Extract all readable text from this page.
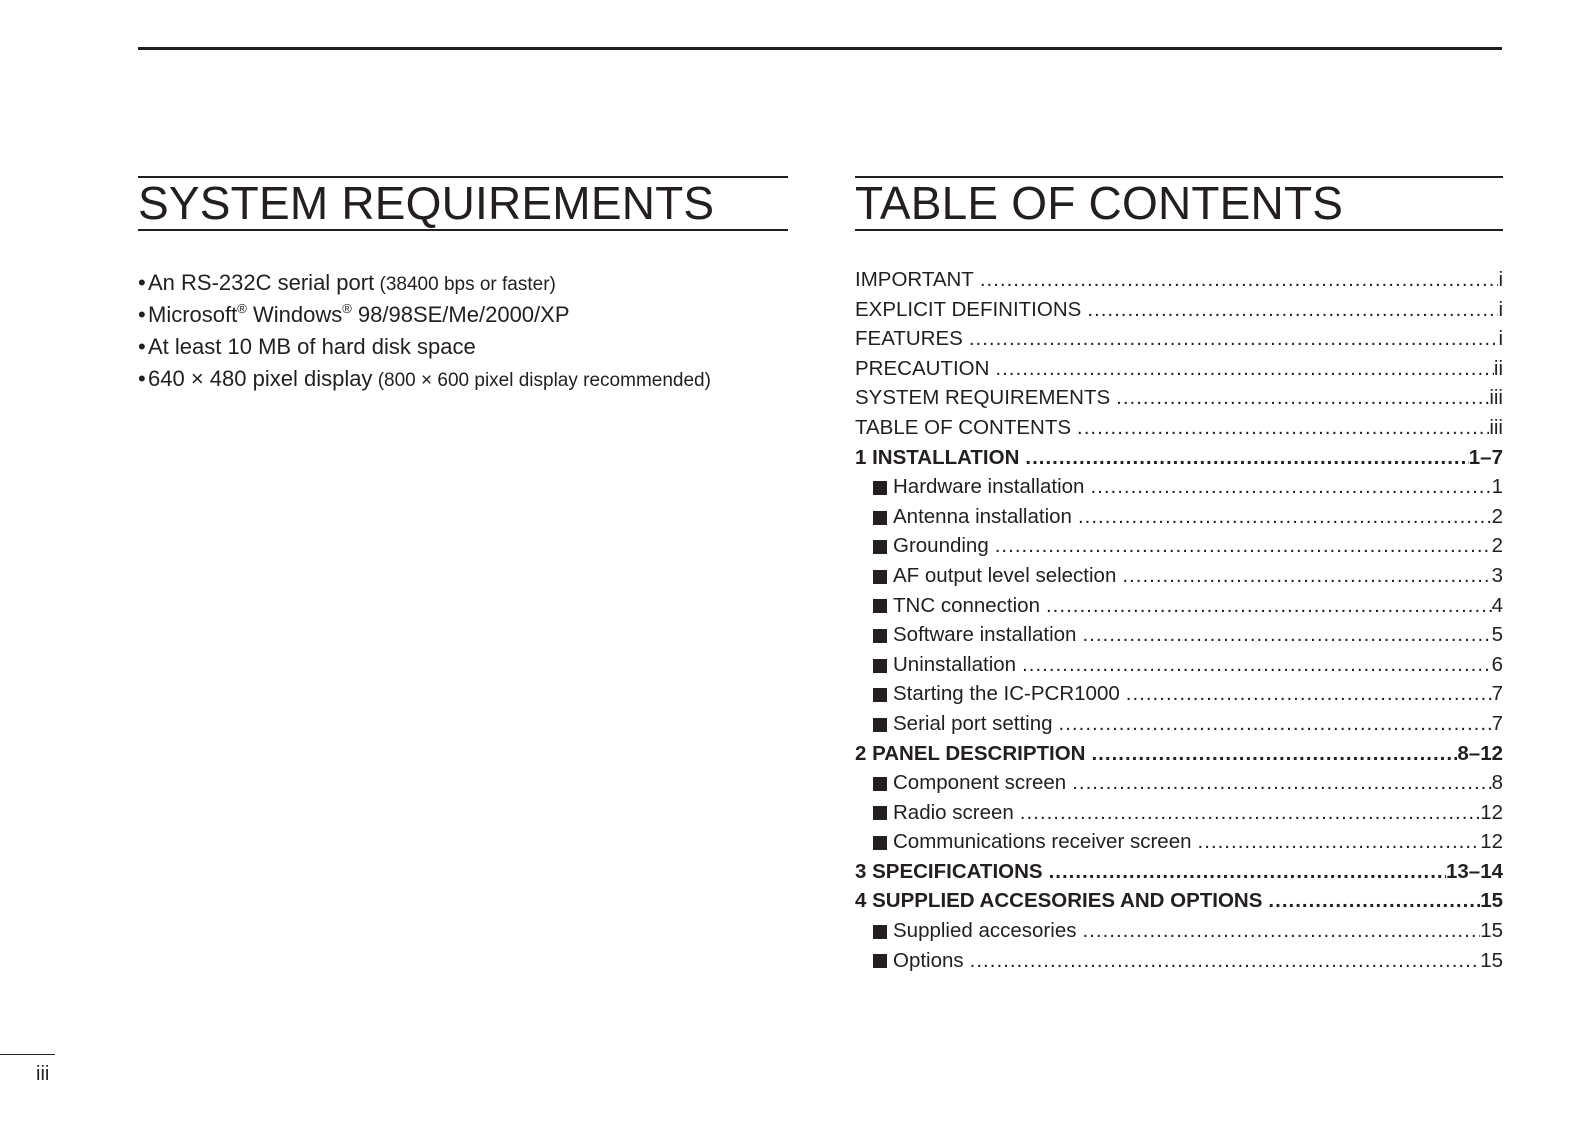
SYSTEM REQUIREMENTS
• An RS-232C serial port (38400 bps or faster)
• Microsoft® Windows® 98/98SE/Me/2000/XP
• At least 10 MB of hard disk space
• 640 × 480 pixel display (800 × 600 pixel display recommended)
TABLE OF CONTENTS
IMPORTANT .....	i
EXPLICIT DEFINITIONS .....	i
FEATURES .....	i
PRECAUTION .....	ii
SYSTEM REQUIREMENTS .....	iii
TABLE OF CONTENTS .....	iii
1 INSTALLATION .....	1–7
Hardware installation .....	1
Antenna installation .....	2
Grounding .....	2
AF output level selection .....	3
TNC connection .....	4
Software installation .....	5
Uninstallation .....	6
Starting the IC-PCR1000 .....	7
Serial port setting .....	7
2 PANEL DESCRIPTION .....	8–12
Component screen .....	8
Radio screen .....	12
Communications receiver screen .....	12
3 SPECIFICATIONS .....	13–14
4 SUPPLIED ACCESORIES AND OPTIONS .....	15
Supplied accesories .....	15
Options .....	15
iii
